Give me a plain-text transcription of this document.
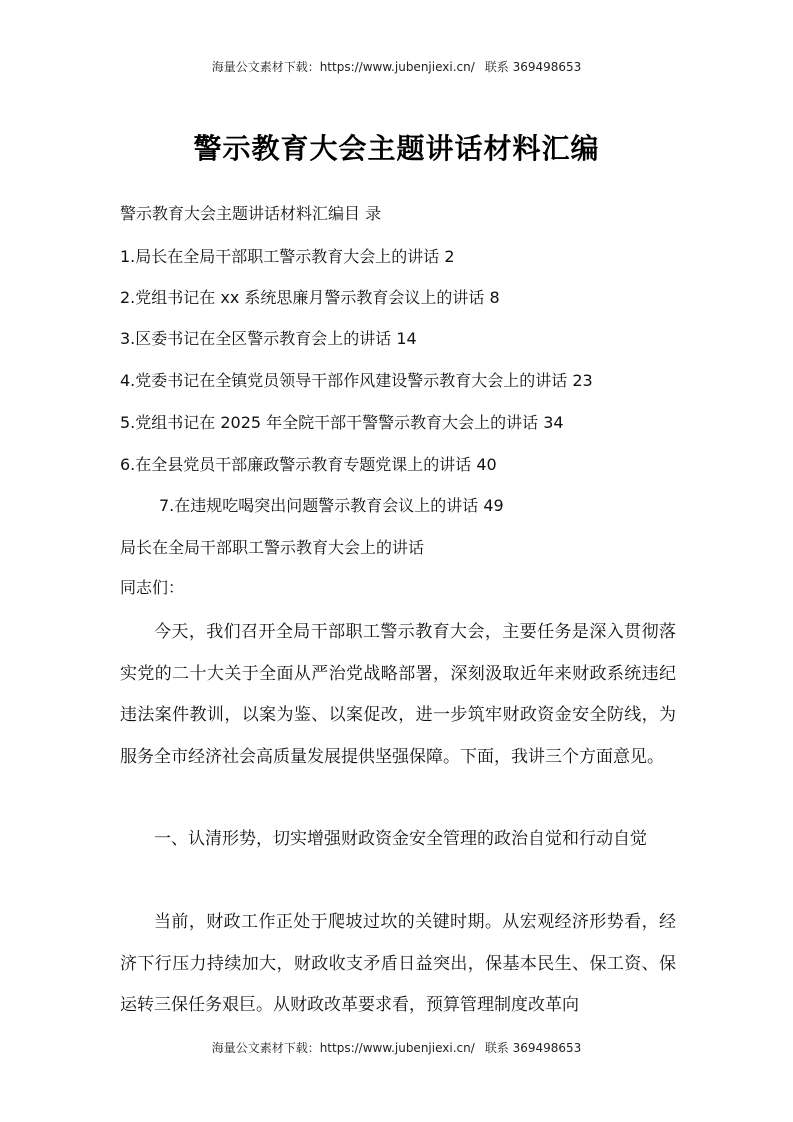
海量公文素材下载：https://www.jubenjiexi.cn/ 联系 369498653
警示教育大会主题讲话材料汇编
警示教育大会主题讲话材料汇编目 录
1.局长在全局干部职工警示教育大会上的讲话 2
2.党组书记在 xx 系统思廉月警示教育会议上的讲话 8
3.区委书记在全区警示教育会上的讲话 14
4.党委书记在全镇党员领导干部作风建设警示教育大会上的讲话 23
5.党组书记在 2025 年全院干部干警警示教育大会上的讲话 34
6.在全县党员干部廉政警示教育专题党课上的讲话 40
7.在违规吃喝突出问题警示教育会议上的讲话 49
局长在全局干部职工警示教育大会上的讲话
同志们：

今天，我们召开全局干部职工警示教育大会，主要任务是深入贯彻落实党的二十大关于全面从严治党战略部署，深刻汲取近年来财政系统违纪违法案件教训，以案为鉴、以案促改，进一步筑牢财政资金安全防线，为服务全市经济社会高质量发展提供坚强保障。下面，我讲三个方面意见。

一、认清形势，切实增强财政资金安全管理的政治自觉和行动自觉

当前，财政工作正处于爬坡过坎的关键时期。从宏观经济形势看，经济下行压力持续加大，财政收支矛盾日益突出，保基本民生、保工资、保运转三保任务艰巨。从财政改革要求看，预算管理制度改革向

海量公文素材下载：https://www.jubenjiexi.cn/ 联系 369498653
